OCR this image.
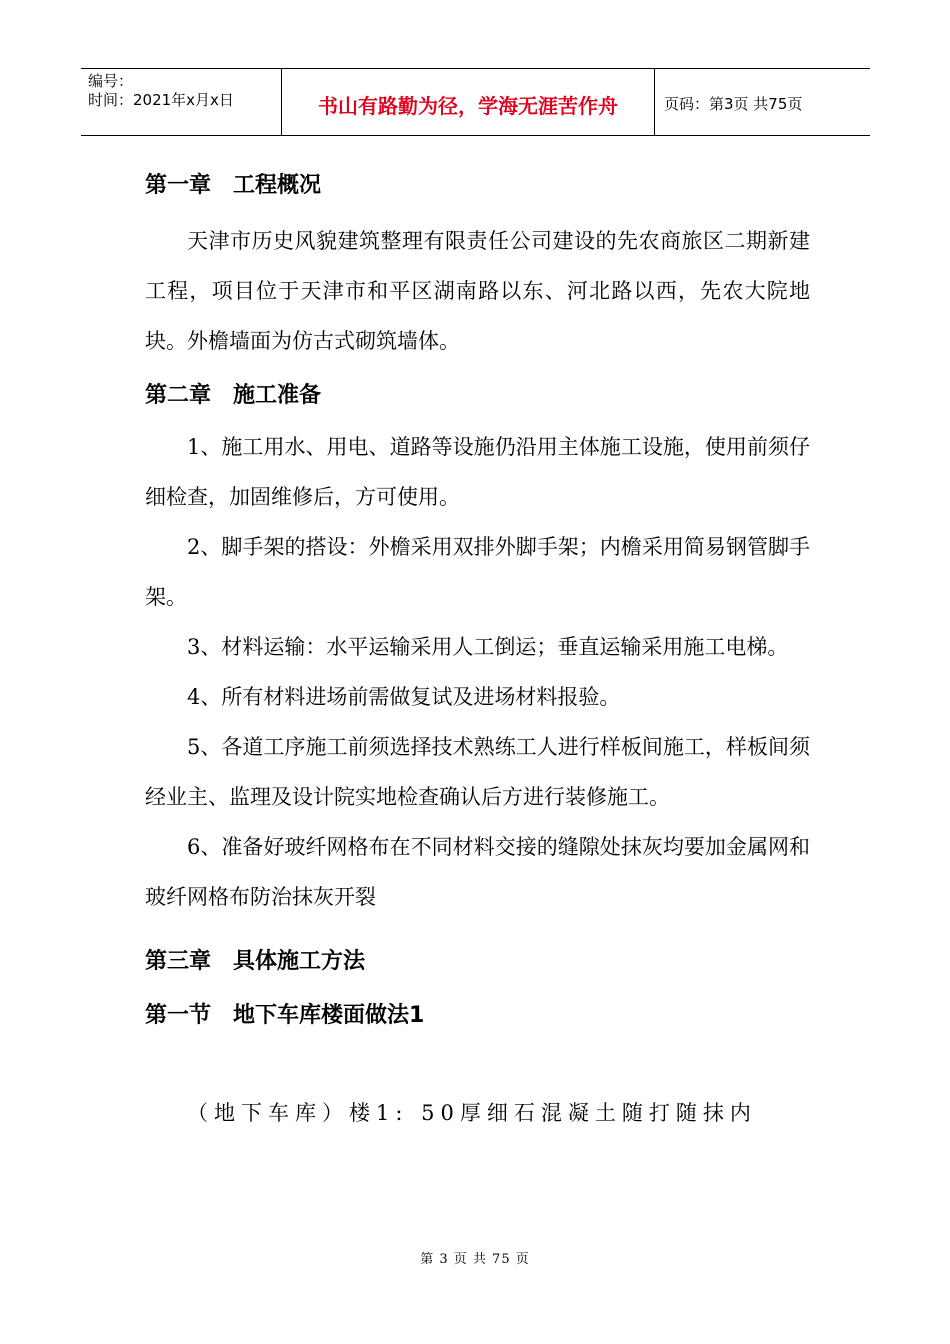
编号：
时间：2021年x月x日	书山有路勤为径，学海无涯苦作舟	页码：第3页 共75页
第一章　工程概况
天津市历史风貌建筑整理有限责任公司建设的先农商旅区二期新建工程，项目位于天津市和平区湖南路以东、河北路以西，先农大院地块。外檐墙面为仿古式砌筑墙体。
第二章　施工准备
1、施工用水、用电、道路等设施仍沿用主体施工设施，使用前须仔细检查，加固维修后，方可使用。
2、脚手架的搭设：外檐采用双排外脚手架；内檐采用简易钢管脚手架。
3、材料运输：水平运输采用人工倒运；垂直运输采用施工电梯。
4、所有材料进场前需做复试及进场材料报验。
5、各道工序施工前须选择技术熟练工人进行样板间施工，样板间须经业主、监理及设计院实地检查确认后方进行装修施工。
6、准备好玻纤网格布在不同材料交接的缝隙处抹灰均要加金属网和玻纤网格布防治抹灰开裂
第三章　具体施工方法
第一节　地下车库楼面做法1
（地下车库）楼1: 50厚细石混凝土随打随抹内
第 3 页 共 75 页
